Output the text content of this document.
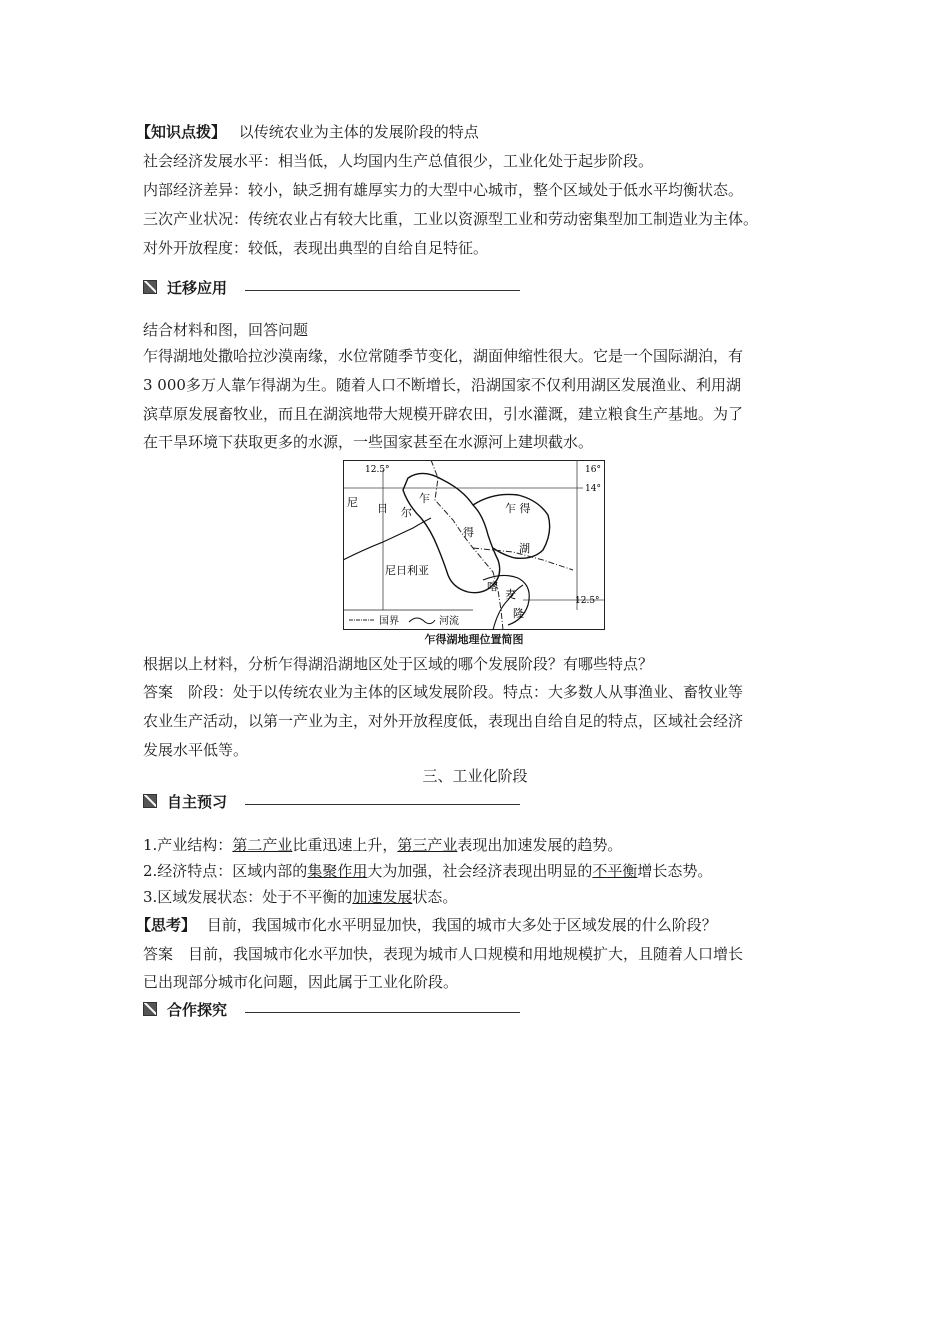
【知识点拨】 以传统农业为主体的发展阶段的特点
社会经济发展水平：相当低，人均国内生产总值很少，工业化处于起步阶段。
内部经济差异：较小，缺乏拥有雄厚实力的大型中心城市，整个区域处于低水平均衡状态。
三次产业状况：传统农业占有较大比重，工业以资源型工业和劳动密集型加工制造业为主体。
对外开放程度：较低，表现出典型的自给自足特征。
迁移应用
结合材料和图，回答问题
乍得湖地处撒哈拉沙漠南缘，水位常随季节变化，湖面伸缩性很大。它是一个国际湖泊，有
3 000多万人靠乍得湖为生。随着人口不断增长，沿湖国家不仅利用湖区发展渔业、利用湖
滨草原发展畜牧业，而且在湖滨地带大规模开辟农田，引水灌溉，建立粮食生产基地。为了
在干旱环境下获取更多的水源，一些国家甚至在水源河上建坝截水。
12.5°	16°
14°
12.5°
尼 日 尔
乍
得
湖
乍 得
尼日利亚
喀
麦
隆
国界	河流
乍得湖地理位置简图
根据以上材料，分析乍得湖沿湖地区处于区域的哪个发展阶段？有哪些特点？
答案　阶段：处于以传统农业为主体的区域发展阶段。特点：大多数人从事渔业、畜牧业等
农业生产活动，以第一产业为主，对外开放程度低，表现出自给自足的特点，区域社会经济
发展水平低等。
三、工业化阶段
自主预习
1.产业结构：第二产业比重迅速上升，第三产业表现出加速发展的趋势。
2.经济特点：区域内部的集聚作用大为加强，社会经济表现出明显的不平衡增长态势。
3.区域发展状态：处于不平衡的加速发展状态。
【思考】 目前，我国城市化水平明显加快，我国的城市大多处于区域发展的什么阶段？
答案　目前，我国城市化水平加快，表现为城市人口规模和用地规模扩大，且随着人口增长
已出现部分城市化问题，因此属于工业化阶段。
合作探究
